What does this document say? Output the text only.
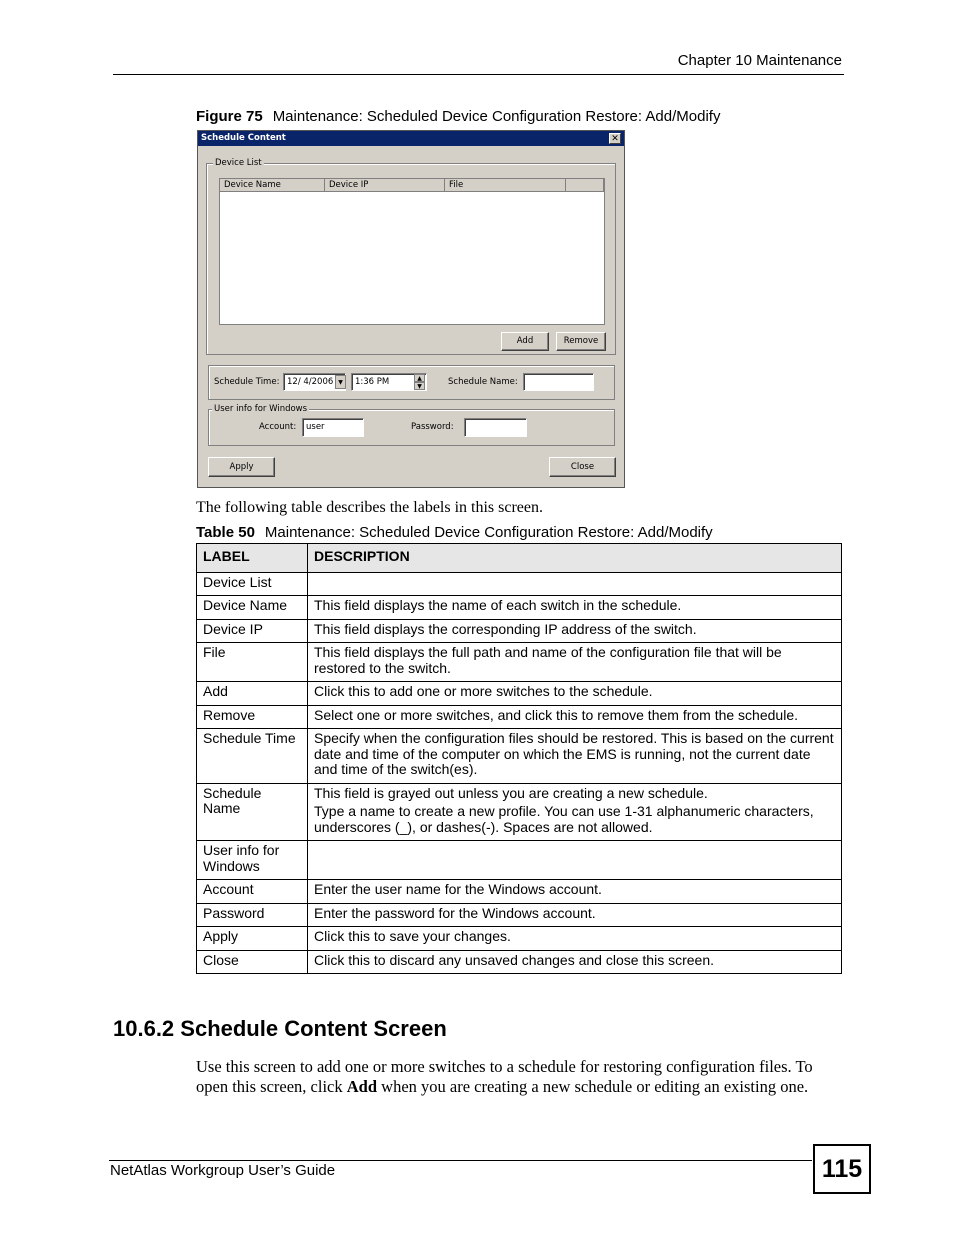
Chapter 10 Maintenance
Figure 75 Maintenance: Scheduled Device Configuration Restore: Add/Modify
Schedule Content	✕
Device List
Device Name	Device IP	File
Add	Remove
Schedule Time: 12/ 4/2006 ▼	1:36 PM	▲
▼	Schedule Name:
User info for Windows
Account:	user	Password:
Apply	Close
The following table describes the labels in this screen.
Table 50 Maintenance: Scheduled Device Configuration Restore: Add/Modify
LABEL	DESCRIPTION
Device List	
Device Name	This field displays the name of each switch in the schedule.
Device IP	This field displays the corresponding IP address of the switch.
File	This field displays the full path and name of the configuration file that will be restored to the switch.
Add	Click this to add one or more switches to the schedule.
Remove	Select one or more switches, and click this to remove them from the schedule.
Schedule Time	Specify when the configuration files should be restored. This is based on the current date and time of the computer on which the EMS is running, not the current date and time of the switch(es).
Schedule Name	This field is grayed out unless you are creating a new schedule.
Type a name to create a new profile. You can use 1-31 alphanumeric characters, underscores (_), or dashes(-). Spaces are not allowed.

User info for Windows	
Account	Enter the user name for the Windows account.
Password	Enter the password for the Windows account.
Apply	Click this to save your changes.
Close	Click this to discard any unsaved changes and close this screen.
10.6.2 Schedule Content Screen
Use this screen to add one or more switches to a schedule for restoring configuration files. To open this screen, click Add when you are creating a new schedule or editing an existing one.
NetAtlas Workgroup User’s Guide	115
